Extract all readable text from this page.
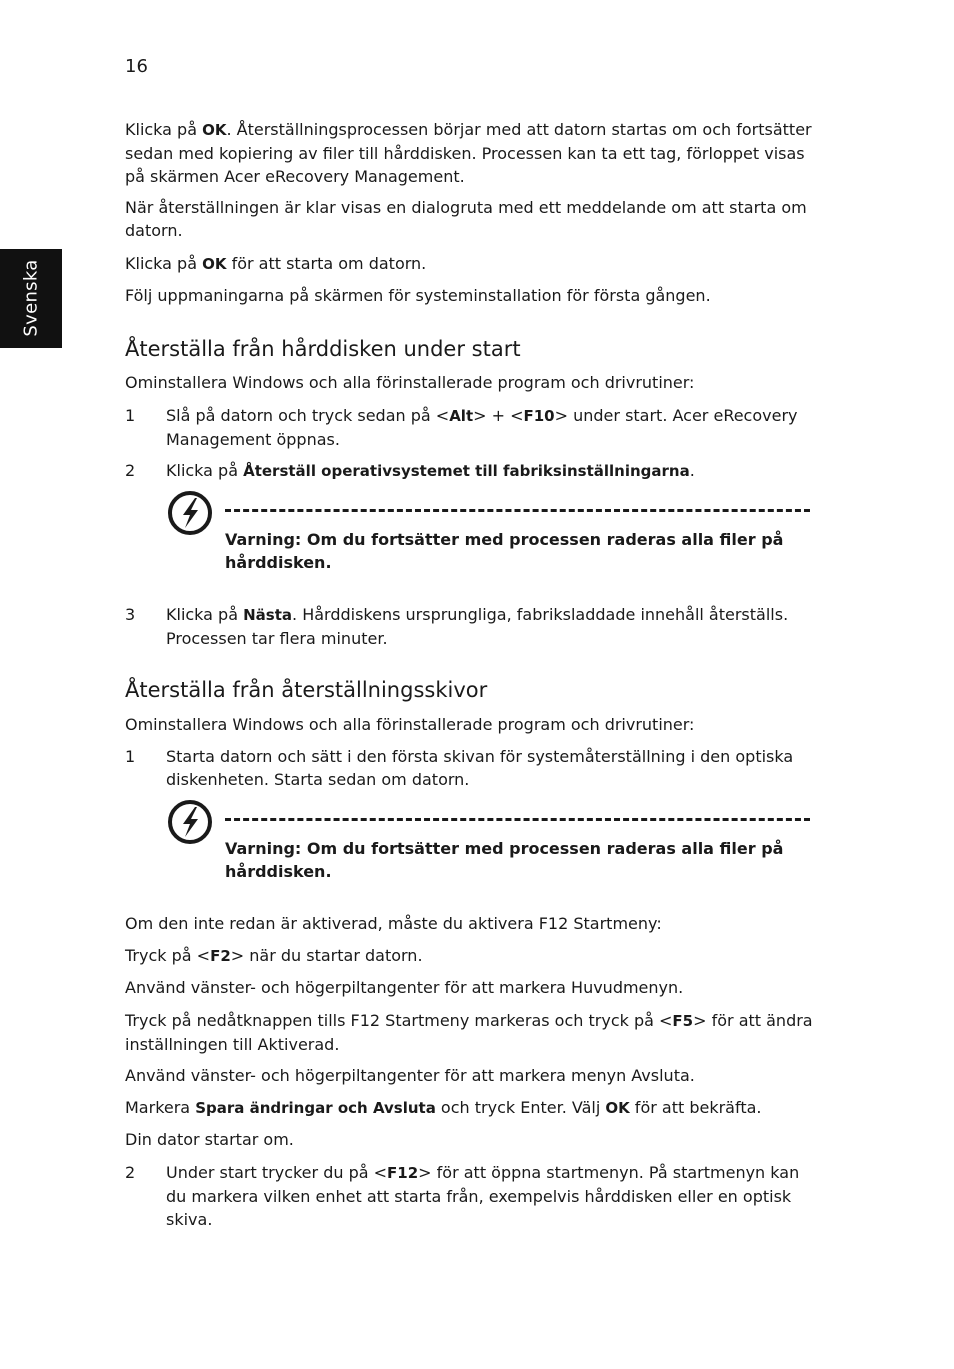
16
Svenska

Klicka på OK. Återställningsprocessen börjar med att datorn startas om och fortsätter sedan med kopiering av filer till hårddisken. Processen kan ta ett tag, förloppet visas på skärmen Acer eRecovery Management.

När återställningen är klar visas en dialogruta med ett meddelande om att starta om datorn.

Klicka på OK för att starta om datorn.

Följ uppmaningarna på skärmen för systeminstallation för första gången.

Återställa från hårddisken under start

Ominstallera Windows och alla förinstallerade program och drivrutiner:

1 Slå på datorn och tryck sedan på <Alt> + <F10> under start. Acer eRecovery Management öppnas.
2 Klicka på Återställ operativsystemet till fabriksinställningarna.
Varning: Om du fortsätter med processen raderas alla filer på hårddisken.
3 Klicka på Nästa. Hårddiskens ursprungliga, fabriksladdade innehåll återställs. Processen tar flera minuter.
Återställa från återställningsskivor

Ominstallera Windows och alla förinstallerade program och drivrutiner:

1 Starta datorn och sätt i den första skivan för systemåterställning i den optiska diskenheten. Starta sedan om datorn.
Varning: Om du fortsätter med processen raderas alla filer på hårddisken.

Om den inte redan är aktiverad, måste du aktivera F12 Startmeny:

Tryck på <F2> när du startar datorn.

Använd vänster- och högerpiltangenter för att markera Huvudmenyn.

Tryck på nedåtknappen tills F12 Startmeny markeras och tryck på <F5> för att ändra inställningen till Aktiverad.

Använd vänster- och högerpiltangenter för att markera menyn Avsluta.

Markera Spara ändringar och Avsluta och tryck Enter. Välj OK för att bekräfta.

Din dator startar om.

2 Under start trycker du på <F12> för att öppna startmenyn. På startmenyn kan du markera vilken enhet att starta från, exempelvis hårddisken eller en optisk skiva.
